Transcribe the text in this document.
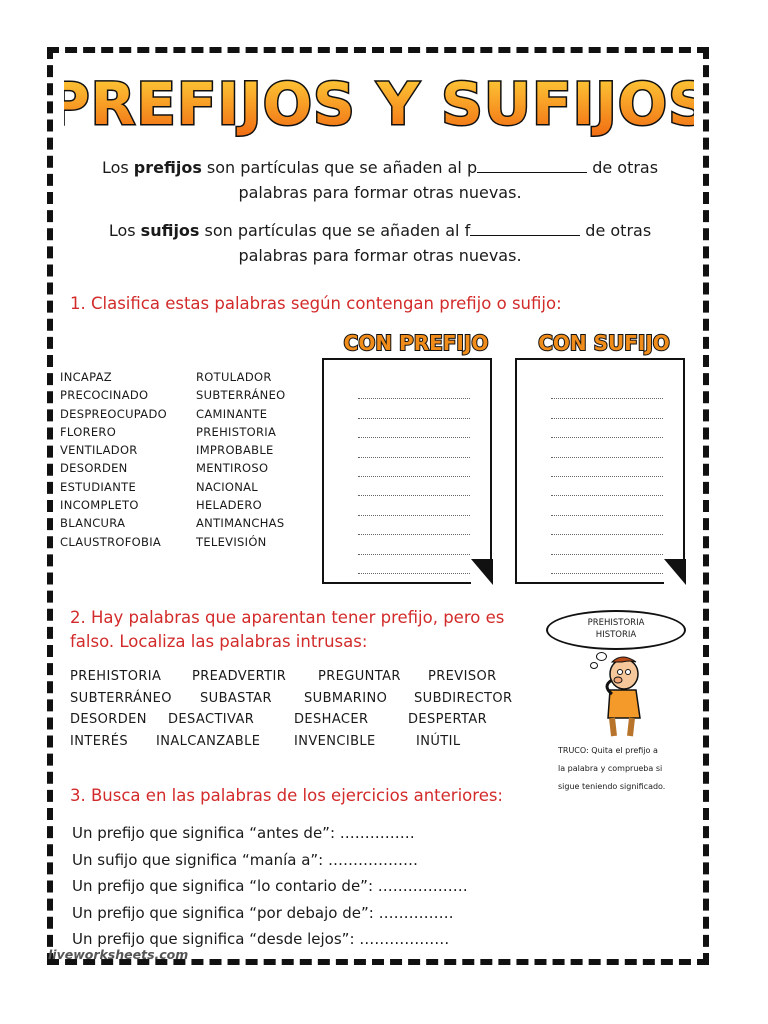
PREFIJOS Y SUFIJOS
Los prefijos son partículas que se añaden al p	de otras
palabras para formar otras nuevas.
Los sufijos son partículas que se añaden al f	de otras
palabras para formar otras nuevas.
1. Clasifica estas palabras según contengan prefijo o sufijo:
CON PREFIJO CON SUFIJO
INCAPAZ
PRECOCINADO
DESPREOCUPADO
FLORERO
VENTILADOR
DESORDEN
ESTUDIANTE
INCOMPLETO
BLANCURA
CLAUSTROFOBIA
ROTULADOR
SUBTERRÁNEO
CAMINANTE
PREHISTORIA
IMPROBABLE
MENTIROSO
NACIONAL
HELADERO
ANTIMANCHAS
TELEVISIÓN
2. Hay palabras que aparentan tener prefijo, pero es
falso. Localiza las palabras intrusas:
PREHISTORIA	PREADVERTIR	PREGUNTAR	PREVISOR
SUBTERRÁNEO	SUBASTAR	SUBMARINO	SUBDIRECTOR
DESORDEN	DESACTIVAR	DESHACER	DESPERTAR
INTERÉS	INALCANZABLE	INVENCIBLE	INÚTIL
PREHISTORIA
HISTORIA
TRUCO: Quita el prefijo a
la palabra y comprueba si
sigue teniendo significado.
3. Busca en las palabras de los ejercicios anteriores:
Un prefijo que significa “antes de”: ……………
Un sufijo que significa “manía a”: ………………
Un prefijo que significa “lo contario de”: ………………
Un prefijo que significa “por debajo de”: ……………
Un prefijo que significa “desde lejos”: ………………
liveworksheets.com
